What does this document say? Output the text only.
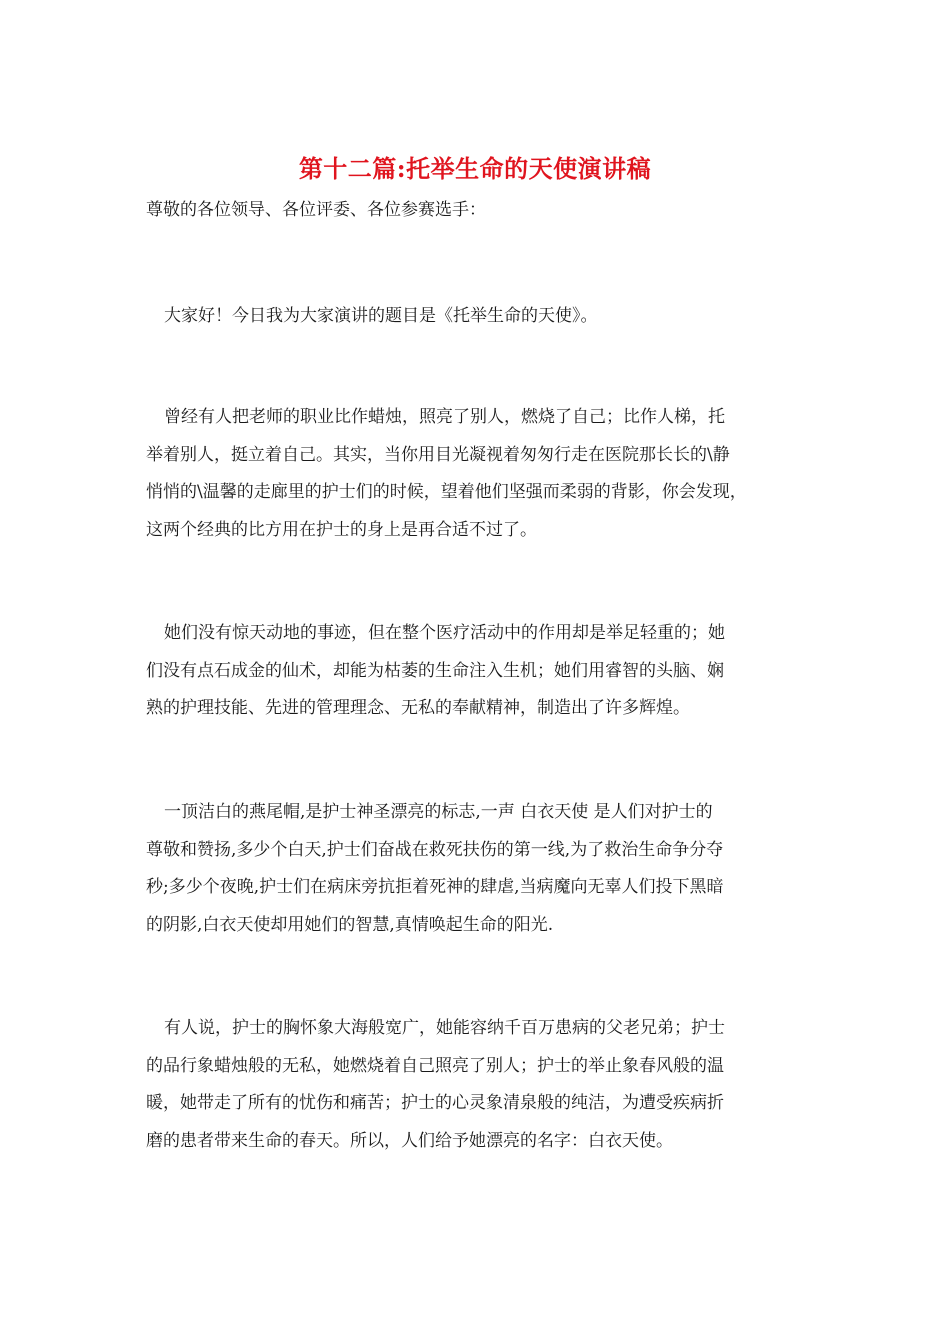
第十二篇:托举生命的天使演讲稿
尊敬的各位领导、各位评委、各位参赛选手：
大家好！今日我为大家演讲的题目是《托举生命的天使》。
曾经有人把老师的职业比作蜡烛，照亮了别人，燃烧了自己；比作人梯，托
举着别人，挺立着自己。其实，当你用目光凝视着匆匆行走在医院那长长的\静
悄悄的\温馨的走廊里的护士们的时候，望着他们坚强而柔弱的背影，你会发现，
这两个经典的比方用在护士的身上是再合适不过了。
她们没有惊天动地的事迹，但在整个医疗活动中的作用却是举足轻重的；她
们没有点石成金的仙术，却能为枯萎的生命注入生机；她们用睿智的头脑、娴
熟的护理技能、先进的管理理念、无私的奉献精神，制造出了许多辉煌。
一顶洁白的燕尾帽,是护士神圣漂亮的标志,一声 白衣天使 是人们对护士的
尊敬和赞扬,多少个白天,护士们奋战在救死扶伤的第一线,为了救治生命争分夺
秒;多少个夜晚,护士们在病床旁抗拒着死神的肆虐,当病魔向无辜人们投下黑暗
的阴影,白衣天使却用她们的智慧,真情唤起生命的阳光.
有人说，护士的胸怀象大海般宽广，她能容纳千百万患病的父老兄弟；护士
的品行象蜡烛般的无私，她燃烧着自己照亮了别人；护士的举止象春风般的温
暖，她带走了所有的忧伤和痛苦；护士的心灵象清泉般的纯洁，为遭受疾病折
磨的患者带来生命的春天。所以，人们给予她漂亮的名字：白衣天使。
